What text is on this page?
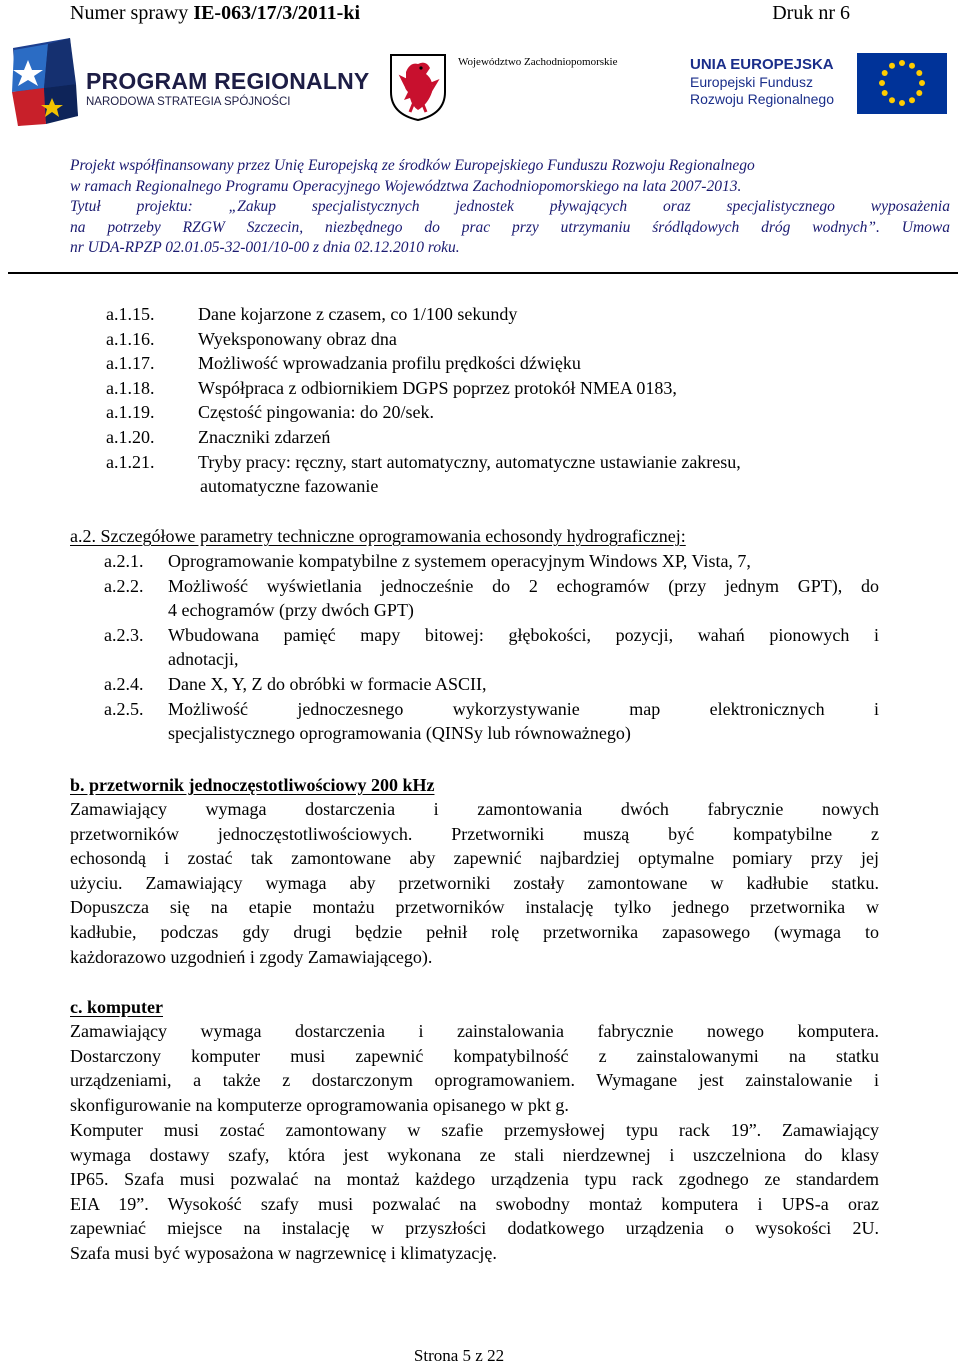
Numer sprawy IE-063/17/3/2011-ki	Druk nr 6
PROGRAM REGIONALNY
NARODOWA STRATEGIA SPÓJNOŚCI
Województwo Zachodniopomorskie	UNIA EUROPEJSKA
Europejski Fundusz
Rozwoju Regionalnego
Projekt współfinansowany przez Unię Europejską ze środków Europejskiego Funduszu Rozwoju Regionalnego
w ramach Regionalnego Programu Operacyjnego Województwa Zachodniopomorskiego na lata 2007-2013.
Tytuł projektu: „Zakup specjalistycznych jednostek pływających oraz specjalistycznego wyposażenia
na potrzeby RZGW Szczecin, niezbędnego do prac przy utrzymaniu śródlądowych dróg wodnych”. Umowa
nr UDA-RPZP 02.01.05-32-001/10-00 z dnia 02.12.2010 roku.
a.1.15. Dane kojarzone z czasem, co 1/100 sekundy
a.1.16. Wyeksponowany obraz dna
a.1.17. Możliwość wprowadzania profilu prędkości dźwięku
a.1.18. Współpraca z odbiornikiem DGPS poprzez protokół NMEA 0183,
a.1.19. Częstość pingowania: do 20/sek.
a.1.20. Znaczniki zdarzeń
a.1.21. Tryby pracy: ręczny, start automatyczny, automatyczne ustawianie zakresu,
automatyczne fazowanie
a.2. Szczegółowe parametry techniczne oprogramowania echosondy hydrograficznej:
a.2.1. Oprogramowanie kompatybilne z systemem operacyjnym Windows XP, Vista, 7,
a.2.2. Możliwość wyświetlania jednocześnie do 2 echogramów (przy jednym GPT), do
4 echogramów (przy dwóch GPT)
a.2.3. Wbudowana pamięć mapy bitowej: głębokości, pozycji, wahań pionowych i
adnotacji,
a.2.4. Dane X, Y, Z do obróbki w formacie ASCII,
a.2.5. Możliwość jednoczesnego wykorzystywanie map elektronicznych i
specjalistycznego oprogramowania (QINSy lub równoważnego)
b. przetwornik jednoczęstotliwościowy 200 kHz
Zamawiający wymaga dostarczenia i zamontowania dwóch fabrycznie nowych
przetworników jednoczęstotliwościowych. Przetworniki muszą być kompatybilne z
echosondą i zostać tak zamontowane aby zapewnić najbardziej optymalne pomiary przy jej
użyciu. Zamawiający wymaga aby przetworniki zostały zamontowane w kadłubie statku.
Dopuszcza się na etapie montażu przetworników instalację tylko jednego przetwornika w
kadłubie, podczas gdy drugi będzie pełnił rolę przetwornika zapasowego (wymaga to
każdorazowo uzgodnień i zgody Zamawiającego).
c. komputer
Zamawiający wymaga dostarczenia i zainstalowania fabrycznie nowego komputera.
Dostarczony komputer musi zapewnić kompatybilność z zainstalowanymi na statku
urządzeniami, a także z dostarczonym oprogramowaniem. Wymagane jest zainstalowanie i
skonfigurowanie na komputerze oprogramowania opisanego w pkt g.
Komputer musi zostać zamontowany w szafie przemysłowej typu rack 19”. Zamawiający
wymaga dostawy szafy, która jest wykonana ze stali nierdzewnej i uszczelniona do klasy
IP65. Szafa musi pozwalać na montaż każdego urządzenia typu rack zgodnego ze standardem
EIA 19”. Wysokość szafy musi pozwalać na swobodny montaż komputera i UPS-a oraz
zapewniać miejsce na instalację w przyszłości dodatkowego urządzenia o wysokości 2U.
Szafa musi być wyposażona w nagrzewnicę i klimatyzację.
Strona 5 z 22
